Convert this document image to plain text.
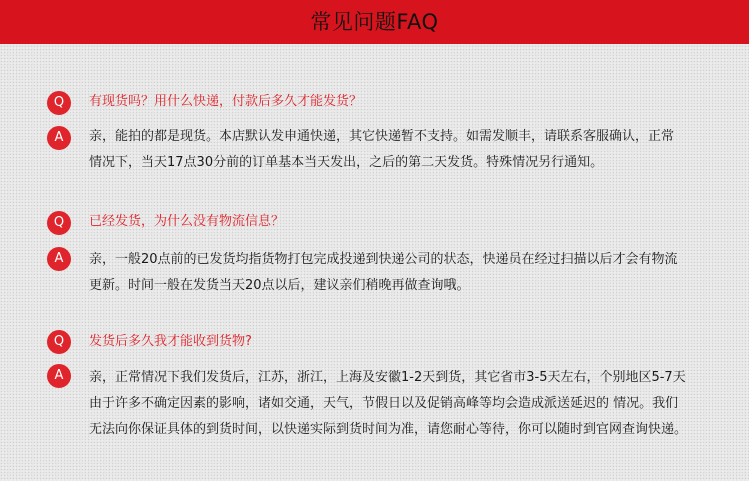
常见问题FAQ
Q	有现货吗？用什么快递，付款后多久才能发货？
A	亲，能拍的都是现货。本店默认发申通快递，其它快递暂不支持。如需发顺丰，请联系客服确认，正常
情况下，当天17点30分前的订单基本当天发出，之后的第二天发货。特殊情况另行通知。
Q	已经发货，为什么没有物流信息？
A	亲，一般20点前的已发货均指货物打包完成投递到快递公司的状态，快递员在经过扫描以后才会有物流
更新。时间一般在发货当天20点以后，建议亲们稍晚再做查询哦。
Q	发货后多久我才能收到货物?
A	亲，正常情况下我们发货后，江苏，浙江，上海及安徽1-2天到货，其它省市3-5天左右，个别地区5-7天
由于许多不确定因素的影响，诸如交通，天气，节假日以及促销高峰等均会造成派送延迟的 情况。我们
无法向你保证具体的到货时间，以快递实际到货时间为准，请您耐心等待，你可以随时到官网查询快递。
